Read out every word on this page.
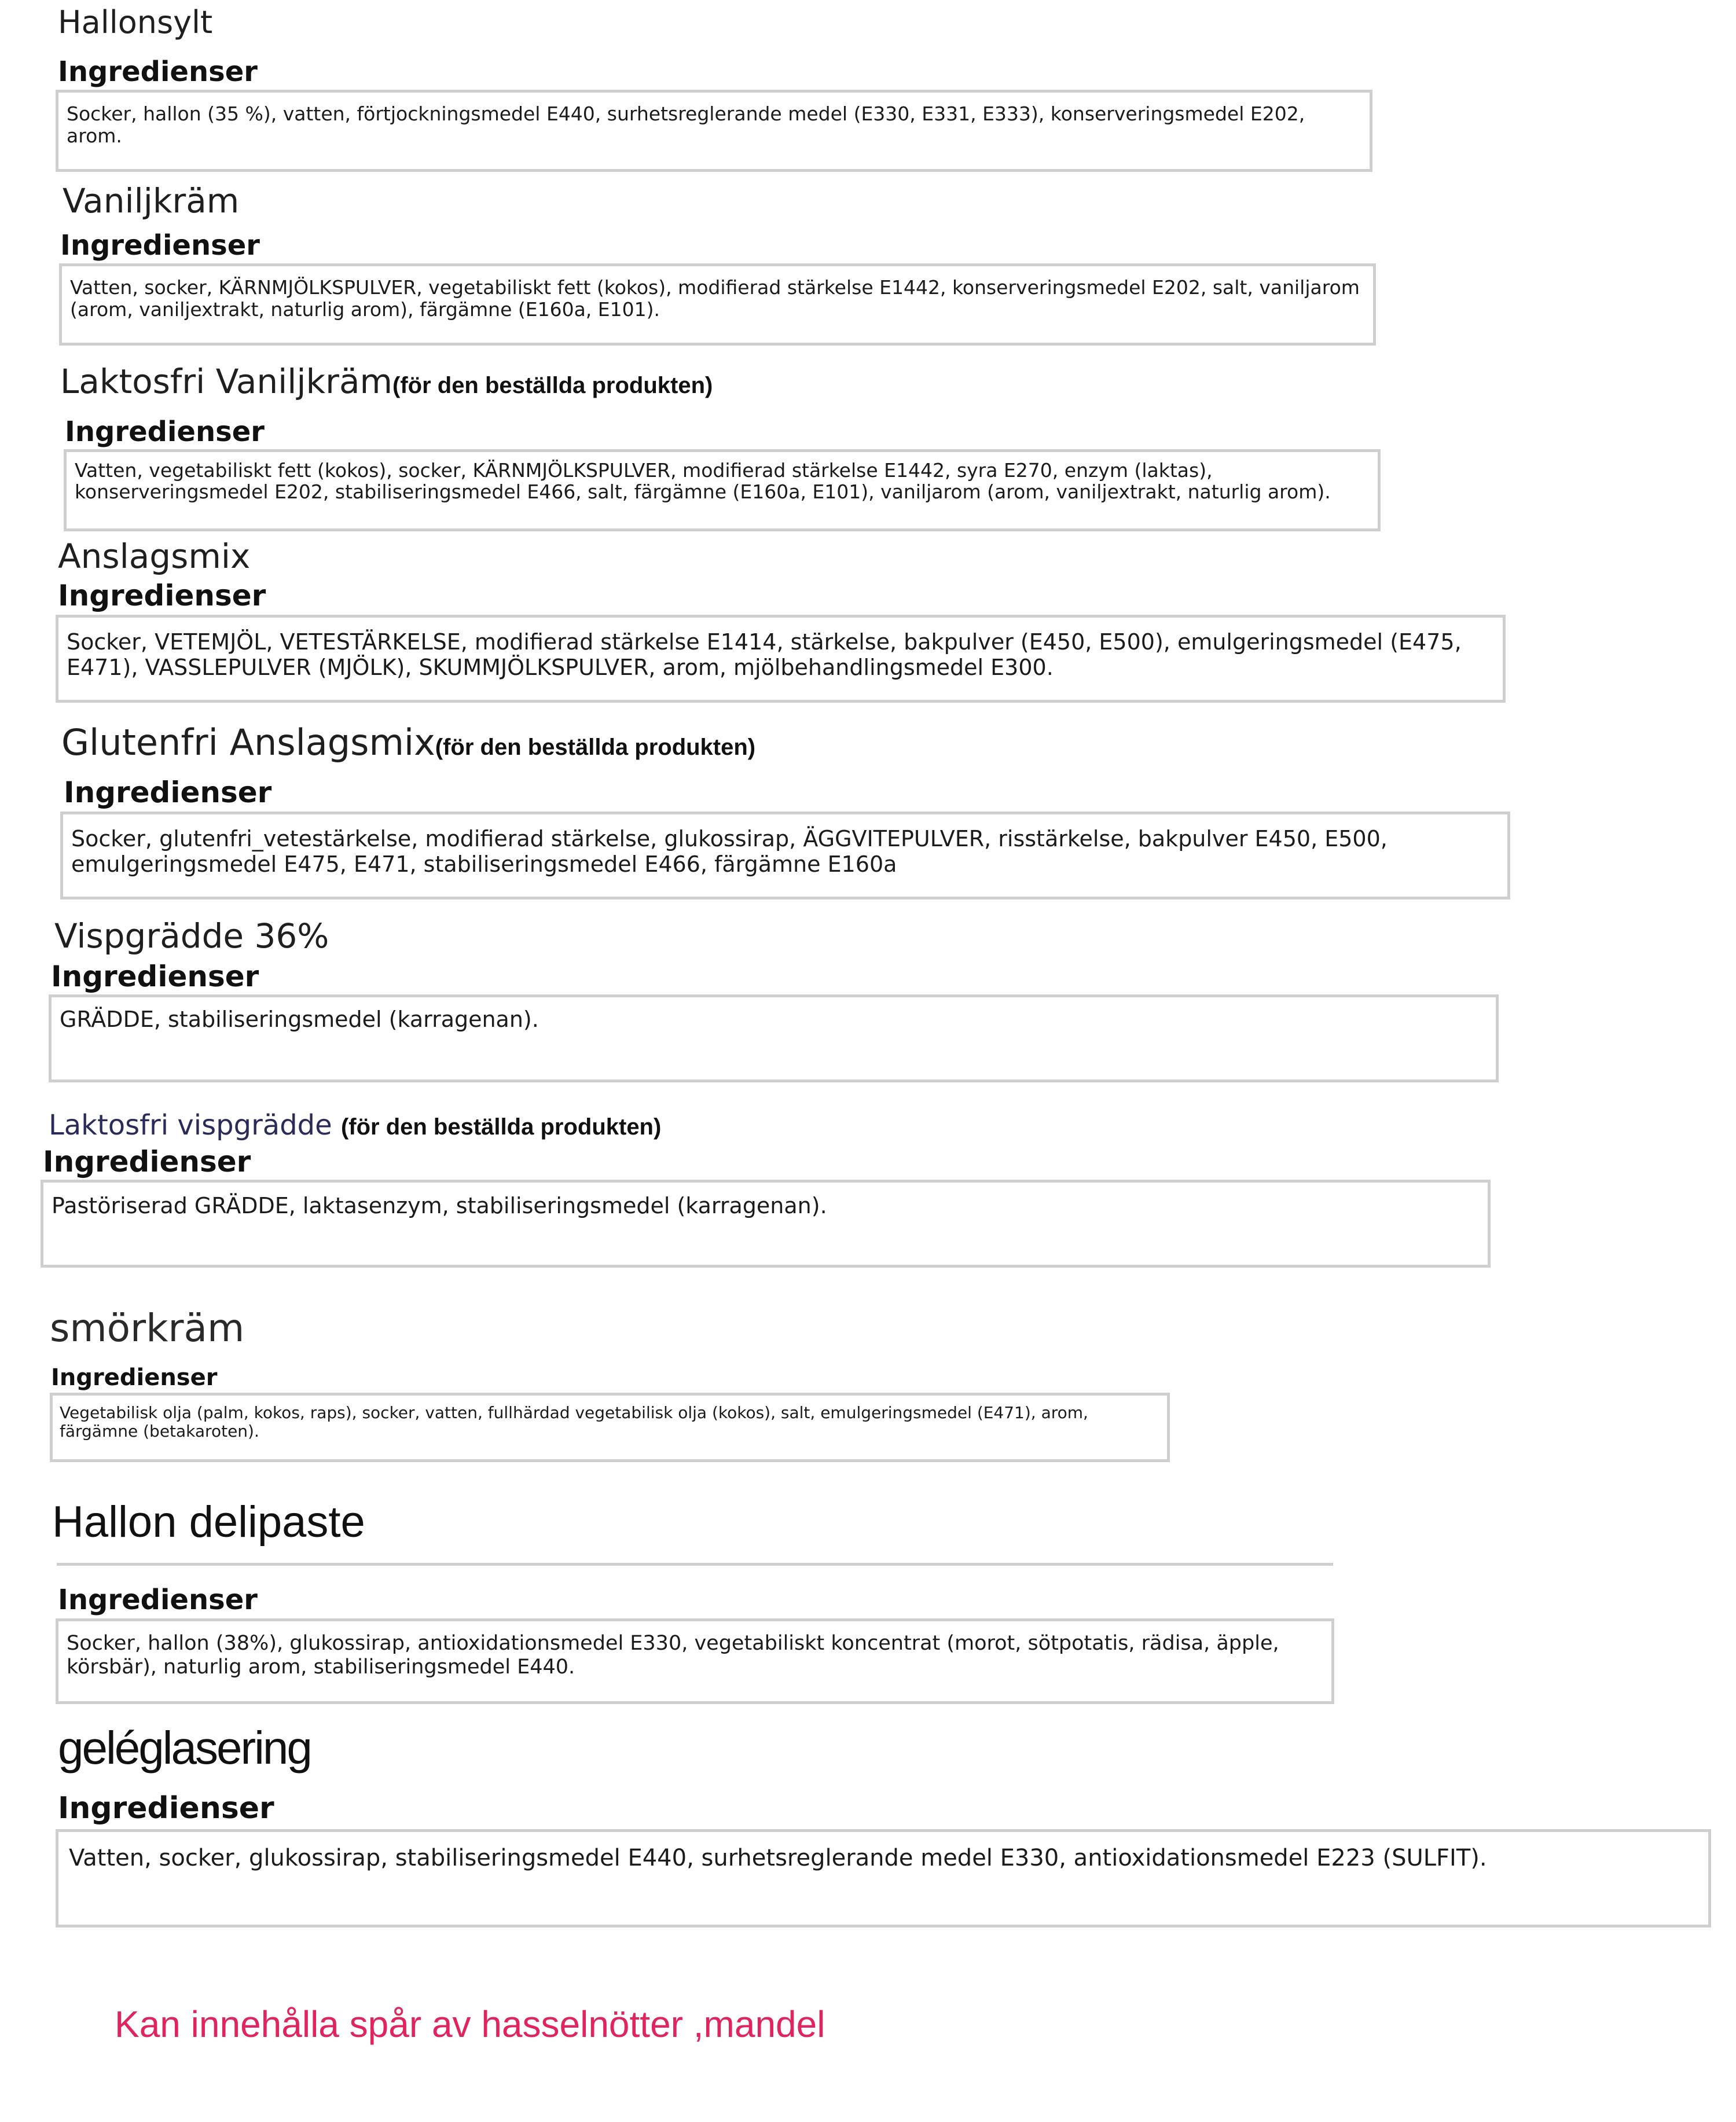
Hallonsylt
Ingredienser
Socker, hallon (35 %), vatten, förtjockningsmedel E440, surhetsreglerande medel (E330, E331, E333), konserveringsmedel E202, arom.
Vaniljkräm
Ingredienser
Vatten, socker, KÄRNMJÖLKSPULVER, vegetabiliskt fett (kokos), modifierad stärkelse E1442, konserveringsmedel E202, salt, vaniljarom (arom, vaniljextrakt, naturlig arom), färgämne (E160a, E101).
Laktosfri Vaniljkräm(för den beställda produkten)
Ingredienser
Vatten, vegetabiliskt fett (kokos), socker, KÄRNMJÖLKSPULVER, modifierad stärkelse E1442, syra E270, enzym (laktas), konserveringsmedel E202, stabiliseringsmedel E466, salt, färgämne (E160a, E101), vaniljarom (arom, vaniljextrakt, naturlig arom).
Anslagsmix
Ingredienser
Socker, VETEMJÖL, VETESTÄRKELSE, modifierad stärkelse E1414, stärkelse, bakpulver (E450, E500), emulgeringsmedel (E475, E471), VASSLEPULVER (MJÖLK), SKUMMJÖLKSPULVER, arom, mjölbehandlingsmedel E300.
Glutenfri Anslagsmix(för den beställda produkten)
Ingredienser
Socker, glutenfri_vetestärkelse, modifierad stärkelse, glukossirap, ÄGGVITEPULVER, risstärkelse, bakpulver E450, E500, emulgeringsmedel E475, E471, stabiliseringsmedel E466, färgämne E160a
Vispgrädde 36%
Ingredienser
GRÄDDE, stabiliseringsmedel (karragenan).
Laktosfri vispgrädde (för den beställda produkten)
Ingredienser
Pastöriserad GRÄDDE, laktasenzym, stabiliseringsmedel (karragenan).
smörkräm
Ingredienser
Vegetabilisk olja (palm, kokos, raps), socker, vatten, fullhärdad vegetabilisk olja (kokos), salt, emulgeringsmedel (E471), arom, färgämne (betakaroten).
Hallon delipaste
Ingredienser
Socker, hallon (38%), glukossirap, antioxidationsmedel E330, vegetabiliskt koncentrat (morot, sötpotatis, rädisa, äpple, körsbär), naturlig arom, stabiliseringsmedel E440.
geléglasering
Ingredienser
Vatten, socker, glukossirap, stabiliseringsmedel E440, surhetsreglerande medel E330, antioxidationsmedel E223 (SULFIT).
Kan innehålla spår av hasselnötter ,mandel
